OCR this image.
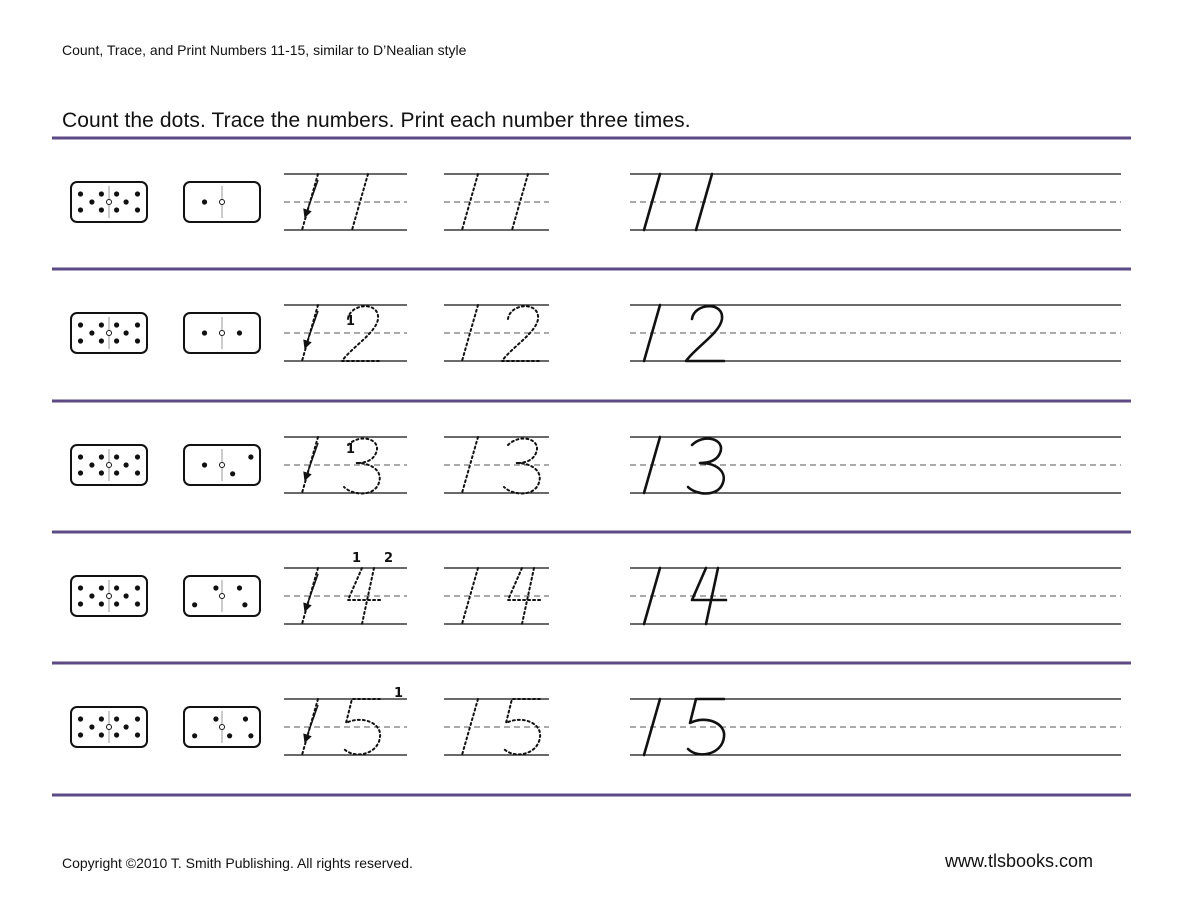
Count, Trace, and Print Numbers 11-15, similar to D’Nealian style
Count the dots. Trace the numbers. Print each number three times.
1
1
1 2
1
Copyright ©2010 T. Smith Publishing. All rights reserved.	www.tlsbooks.com
